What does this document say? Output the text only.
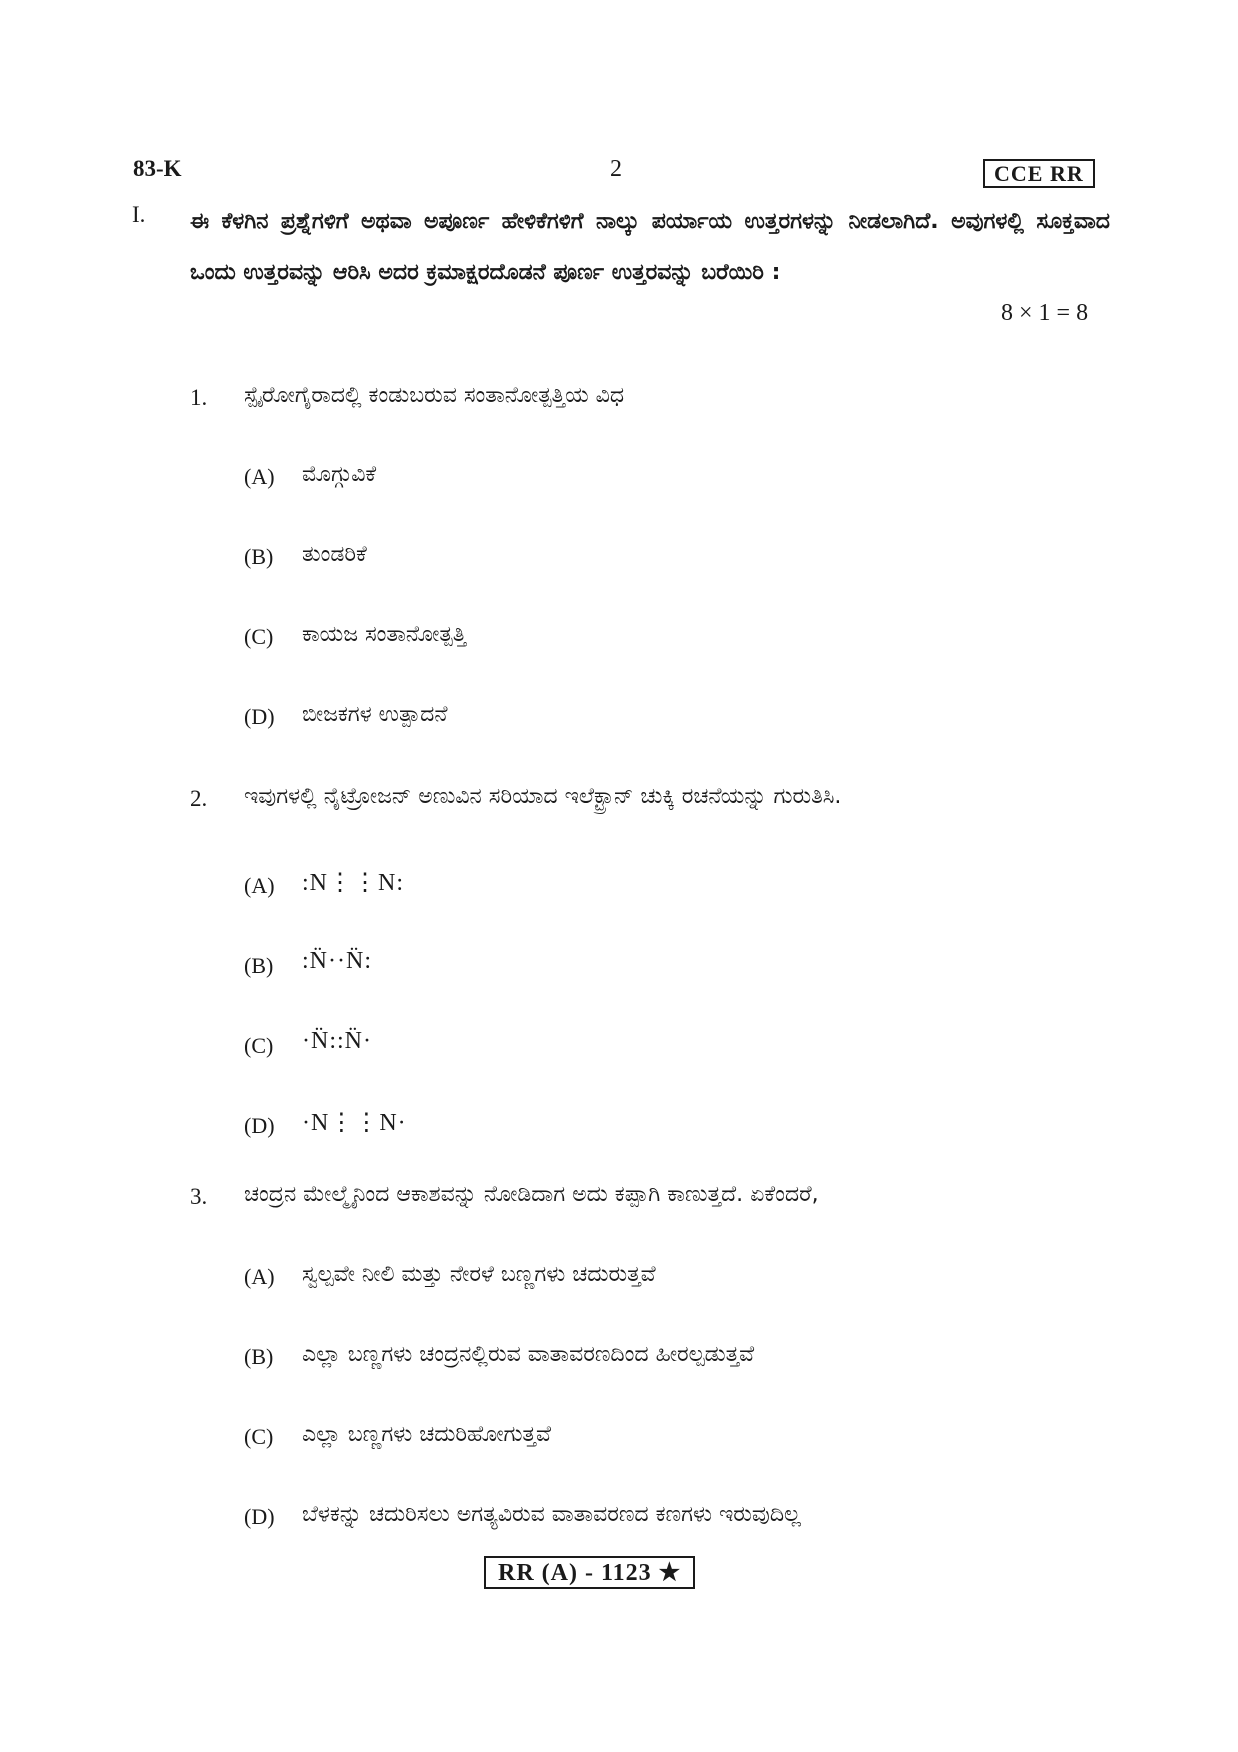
83-K	2	CCE RR
I. ಈ ಕೆಳಗಿನ ಪ್ರಶ್ನೆಗಳಿಗೆ ಅಥವಾ ಅಪೂರ್ಣ ಹೇಳಿಕೆಗಳಿಗೆ ನಾಲ್ಕು ಪರ್ಯಾಯ ಉತ್ತರಗಳನ್ನು ನೀಡಲಾಗಿದೆ. ಅವುಗಳಲ್ಲಿ ಸೂಕ್ತವಾದ ಒಂದು ಉತ್ತರವನ್ನು ಆರಿಸಿ ಅದರ ಕ್ರಮಾಕ್ಷರದೊಡನೆ ಪೂರ್ಣ ಉತ್ತರವನ್ನು ಬರೆಯಿರಿ :
8 × 1 = 8
1. ಸ್ಪೈರೋಗೈರಾದಲ್ಲಿ ಕಂಡುಬರುವ ಸಂತಾನೋತ್ಪತ್ತಿಯ ವಿಧ
(A) ಮೊಗ್ಗುವಿಕೆ
(B) ತುಂಡರಿಕೆ
(C) ಕಾಯಜ ಸಂತಾನೋತ್ಪತ್ತಿ
(D) ಬೀಜಕಗಳ ಉತ್ಪಾದನೆ
2. ಇವುಗಳಲ್ಲಿ ನೈಟ್ರೋಜನ್ ಅಣುವಿನ ಸರಿಯಾದ ಇಲೆಕ್ಟ್ರಾನ್ ಚುಕ್ಕಿ ರಚನೆಯನ್ನು ಗುರುತಿಸಿ.
(A) :N⋮⋮N:
(B) :N̈··N̈:
(C) ·N̈::N̈·
(D) ·N⋮⋮N·
3. ಚಂದ್ರನ ಮೇಲ್ಮೈನಿಂದ ಆಕಾಶವನ್ನು ನೋಡಿದಾಗ ಅದು ಕಪ್ಪಾಗಿ ಕಾಣುತ್ತದೆ. ಏಕೆಂದರೆ,
(A) ಸ್ವಲ್ಪವೇ ನೀಲಿ ಮತ್ತು ನೇರಳೆ ಬಣ್ಣಗಳು ಚದುರುತ್ತವೆ
(B) ಎಲ್ಲಾ ಬಣ್ಣಗಳು ಚಂದ್ರನಲ್ಲಿರುವ ವಾತಾವರಣದಿಂದ ಹೀರಲ್ಪಡುತ್ತವೆ
(C) ಎಲ್ಲಾ ಬಣ್ಣಗಳು ಚದುರಿಹೋಗುತ್ತವೆ
(D) ಬೆಳಕನ್ನು ಚದುರಿಸಲು ಅಗತ್ಯವಿರುವ ವಾತಾವರಣದ ಕಣಗಳು ಇರುವುದಿಲ್ಲ
RR (A) - 1123 ★
